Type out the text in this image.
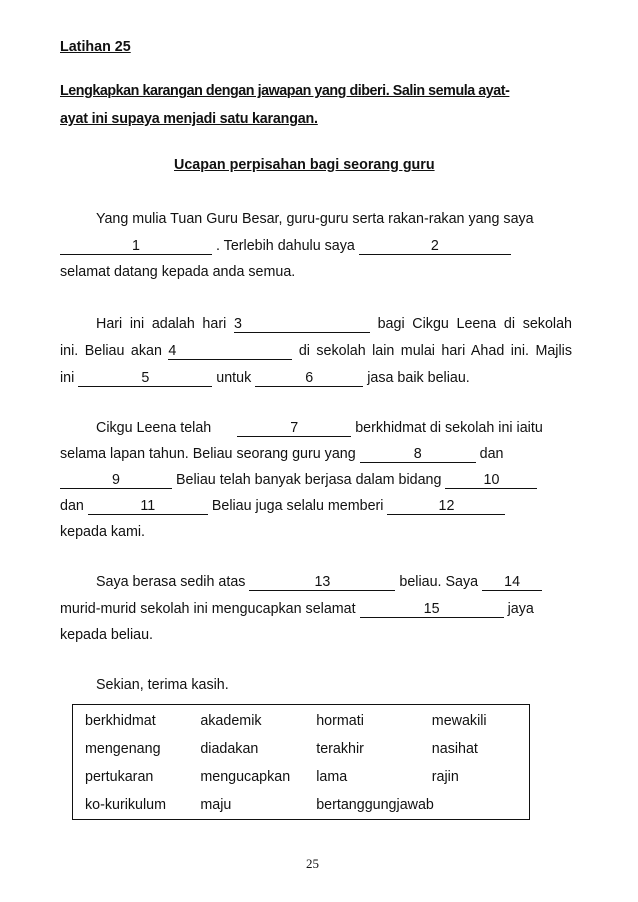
Latihan 25
Lengkapkan karangan dengan jawapan yang diberi. Salin semula ayat-
ayat ini supaya menjadi satu karangan.
Ucapan perpisahan bagi seorang guru
Yang mulia Tuan Guru Besar, guru-guru serta rakan-rakan yang saya
1	. Terlebih dahulu saya	2
selamat datang kepada anda semua.
Hari ini adalah hari 3	bagi Cikgu Leena di sekolah
ini. Beliau akan 4	di sekolah lain mulai hari Ahad ini. Majlis
ini	5	untuk	6	jasa baik beliau.
Cikgu Leena telah	7	berkhidmat di sekolah ini iaitu
selama lapan tahun. Beliau seorang guru yang	8	dan
9	Beliau telah banyak berjasa dalam bidang	10
dan	11	Beliau juga selalu memberi	12
kepada kami.
Saya berasa sedih atas	13	beliau. Saya 14
murid-murid sekolah ini mengucapkan selamat	15	jaya
kepada beliau.
Sekian, terima kasih.
berkhidmat	akademik	hormati	mewakili
mengenang	diadakan	terakhir	nasihat
pertukaran	mengucapkan	lama	rajin
ko-kurikulum	maju	bertanggungjawab	
25
